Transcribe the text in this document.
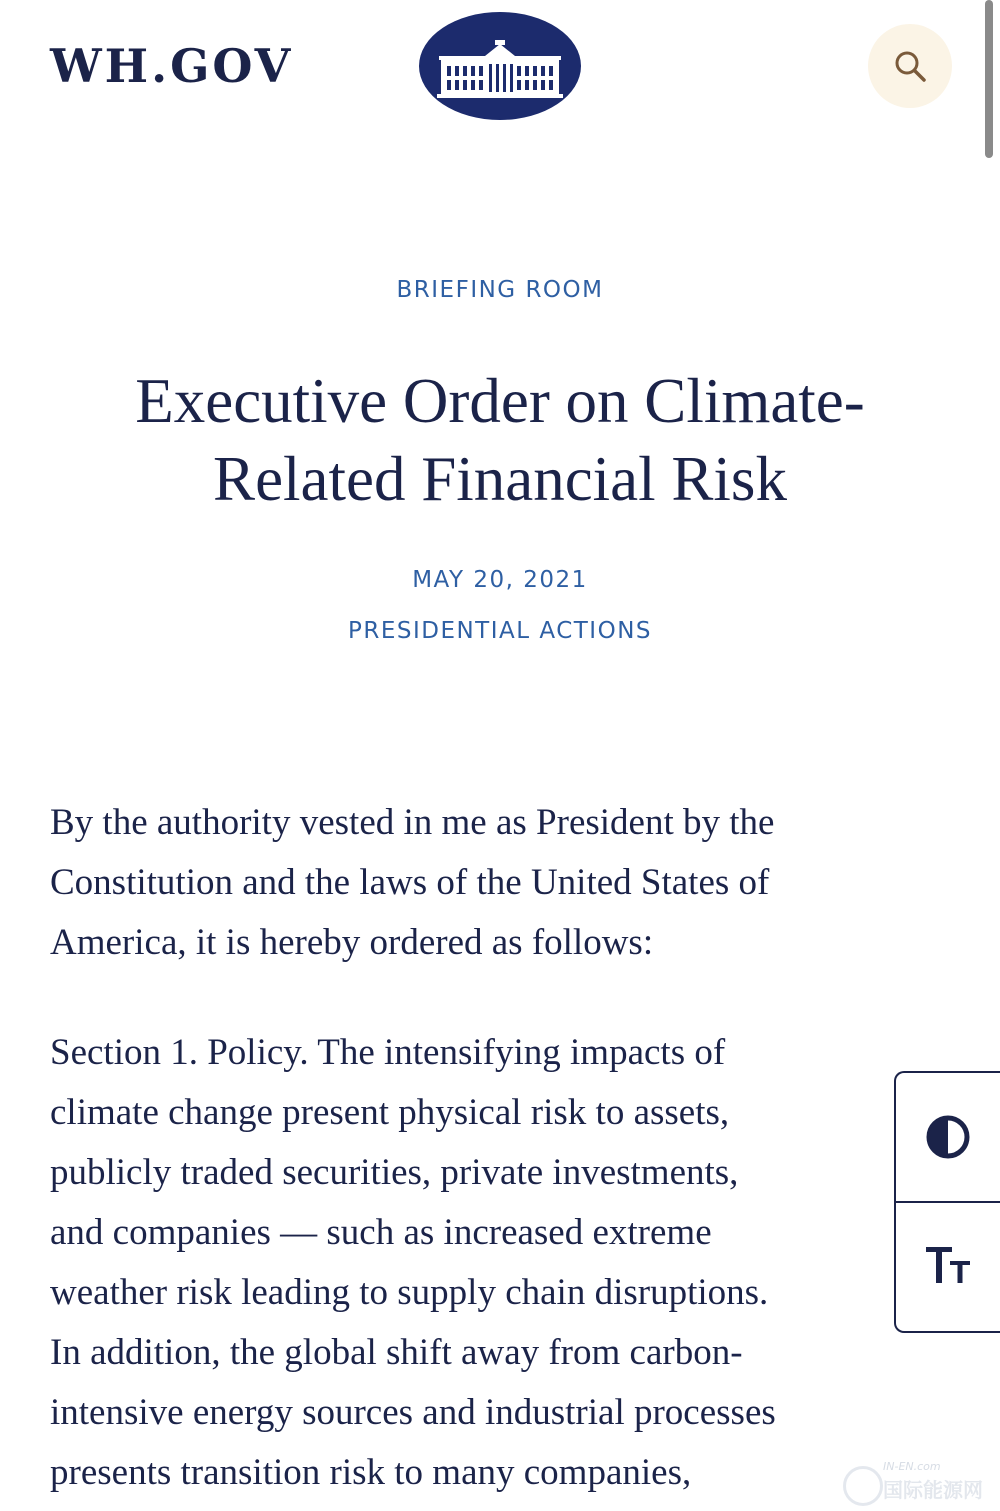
WH.GOV
BRIEFING ROOM
Executive Order on Climate-
Related Financial Risk
MAY 20, 2021
PRESIDENTIAL ACTIONS
By the authority vested in me as President by the
Constitution and the laws of the United States of
America, it is hereby ordered as follows:
Section 1. Policy. The intensifying impacts of
climate change present physical risk to assets,
publicly traded securities, private investments,
and companies — such as increased extreme
weather risk leading to supply chain disruptions.
In addition, the global shift away from carbon-
intensive energy sources and industrial processes
presents transition risk to many companies,	IN-EN.com
国际能源网
